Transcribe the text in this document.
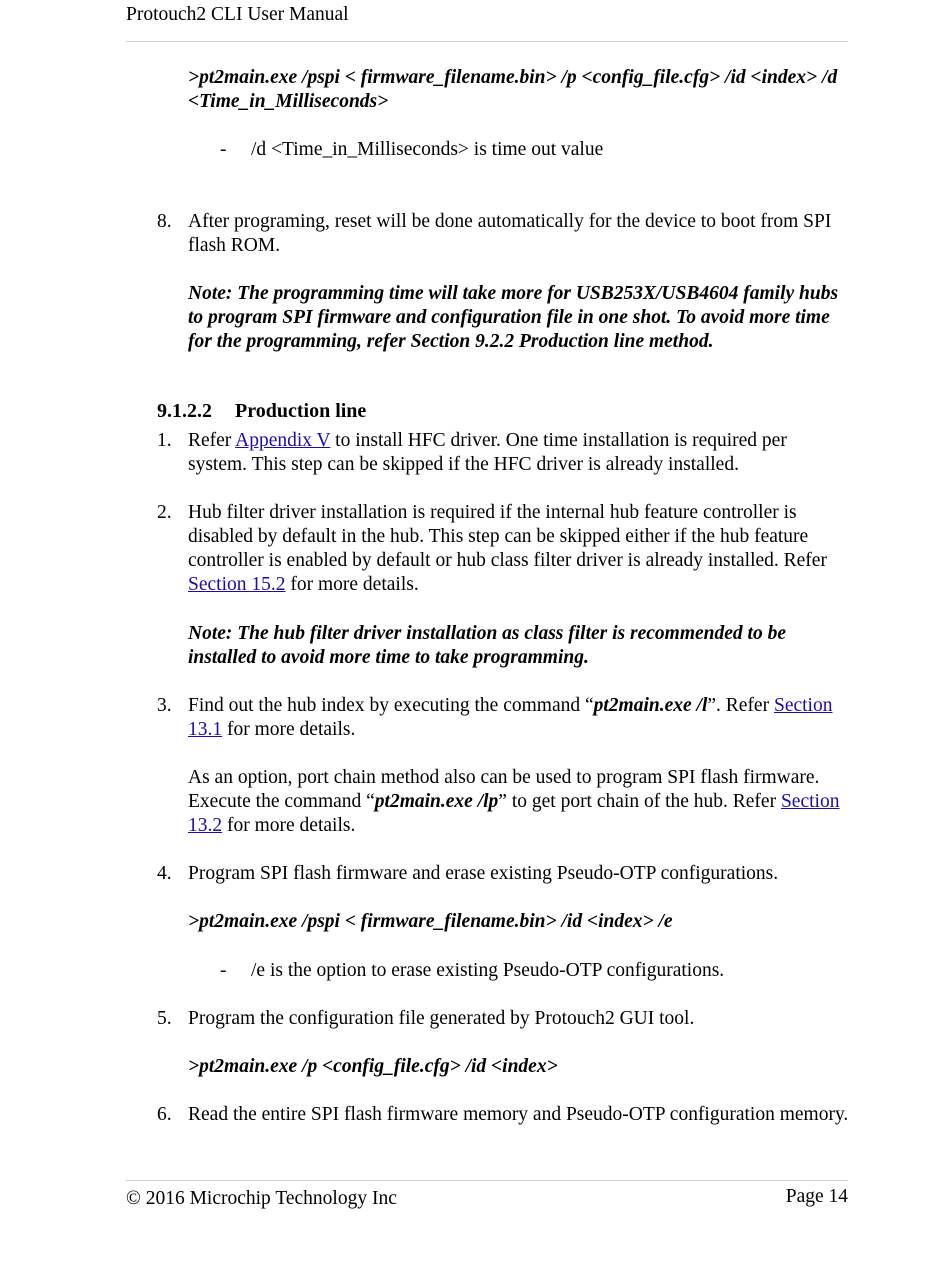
Protouch2 CLI User Manual
>pt2main.exe /pspi < firmware_filename.bin> /p <config_file.cfg> /id <index> /d <Time_in_Milliseconds>
- /d <Time_in_Milliseconds> is time out value
8. After programing, reset will be done automatically for the device to boot from SPI flash ROM.
Note: The programming time will take more for USB253X/USB4604 family hubs to program SPI firmware and configuration file in one shot. To avoid more time for the programming, refer Section 9.2.2 Production line method.
9.1.2.2 Production line
1. Refer Appendix V to install HFC driver. One time installation is required per system. This step can be skipped if the HFC driver is already installed.
2. Hub filter driver installation is required if the internal hub feature controller is disabled by default in the hub. This step can be skipped either if the hub feature controller is enabled by default or hub class filter driver is already installed. Refer Section 15.2 for more details.
Note: The hub filter driver installation as class filter is recommended to be installed to avoid more time to take programming.
3. Find out the hub index by executing the command “pt2main.exe /l”. Refer Section 13.1 for more details.
As an option, port chain method also can be used to program SPI flash firmware. Execute the command “pt2main.exe /lp” to get port chain of the hub. Refer Section 13.2 for more details.
4. Program SPI flash firmware and erase existing Pseudo-OTP configurations.
>pt2main.exe /pspi < firmware_filename.bin> /id <index> /e
- /e is the option to erase existing Pseudo-OTP configurations.
5. Program the configuration file generated by Protouch2 GUI tool.
>pt2main.exe /p <config_file.cfg> /id <index>
6. Read the entire SPI flash firmware memory and Pseudo-OTP configuration memory.
© 2016 Microchip Technology Inc	Page 14
